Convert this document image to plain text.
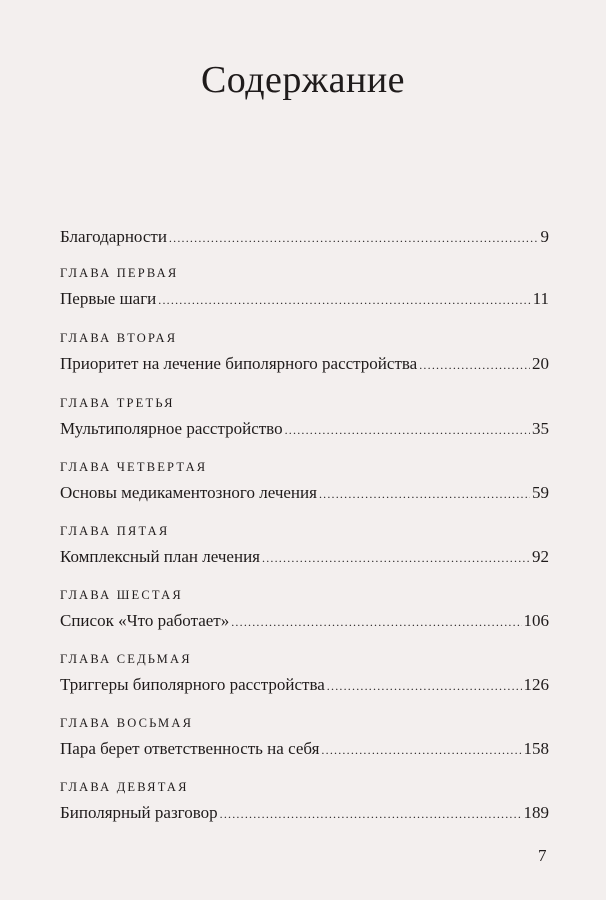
Содержание
Благодарности .....	9
ГЛАВА ПЕРВАЯ
Первые шаги .....	11
ГЛАВА ВТОРАЯ
Приоритет на лечение биполярного расстройства .....	20
ГЛАВА ТРЕТЬЯ
Мультиполярное расстройство .....	35
ГЛАВА ЧЕТВЕРТАЯ
Основы медикаментозного лечения .....	59
ГЛАВА ПЯТАЯ
Комплексный план лечения .....	92
ГЛАВА ШЕСТАЯ
Список «Что работает» .....	106
ГЛАВА СЕДЬМАЯ
Триггеры биполярного расстройства .....	126
ГЛАВА ВОСЬМАЯ
Пара берет ответственность на себя .....	158
ГЛАВА ДЕВЯТАЯ
Биполярный разговор .....	189
7
